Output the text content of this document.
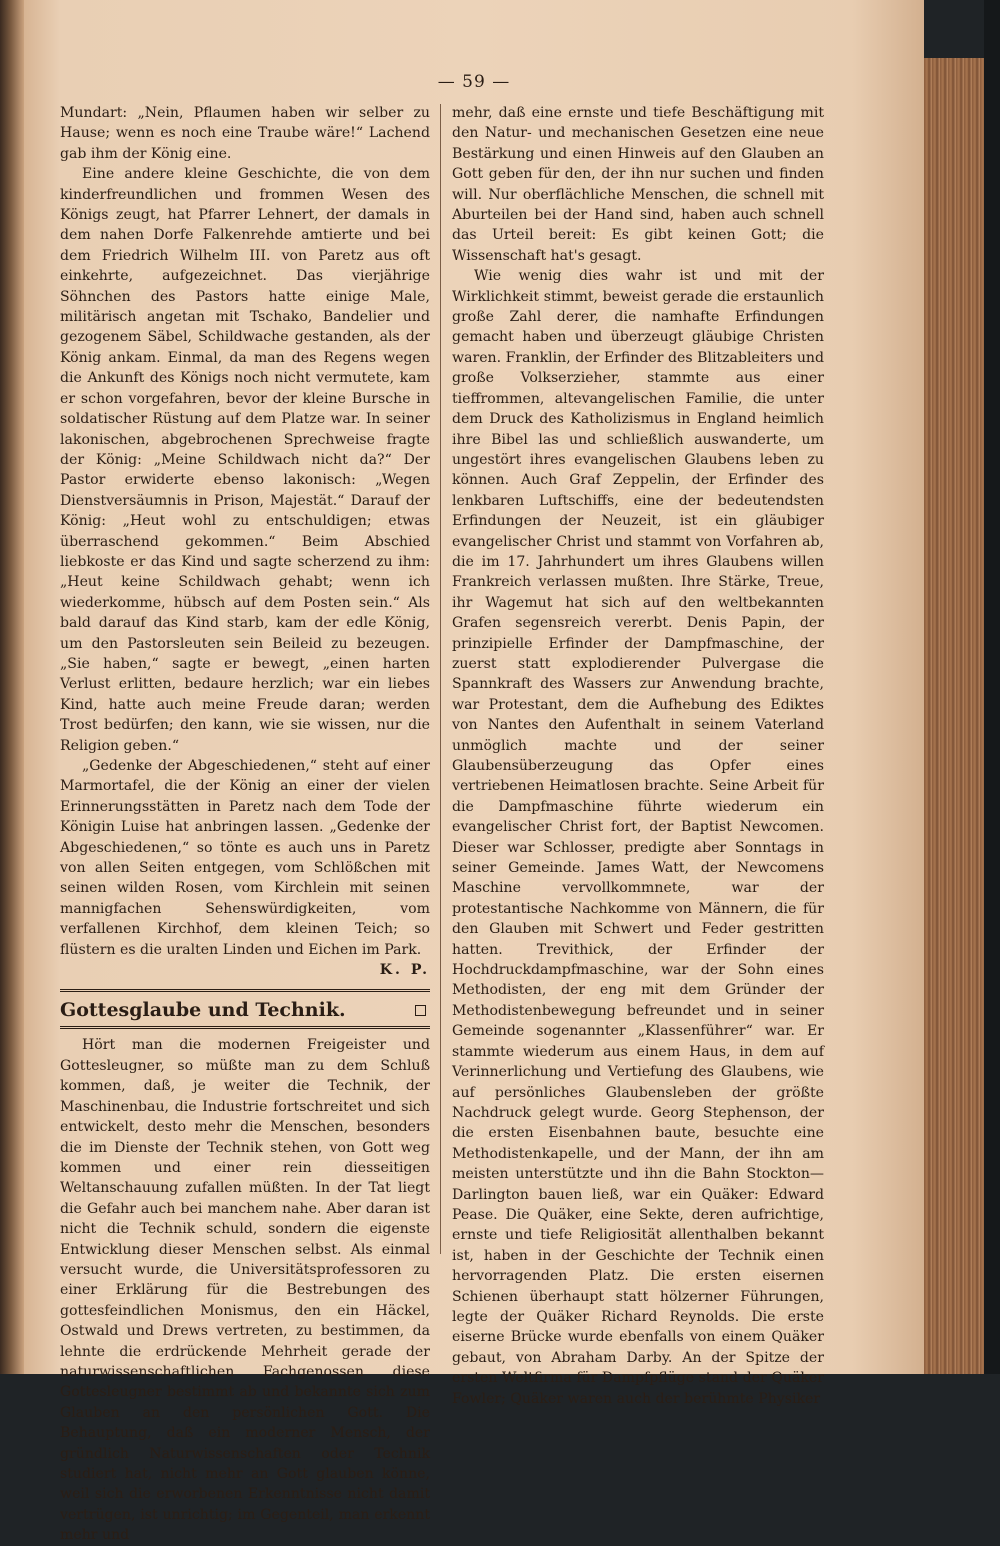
— 59 —

Mundart: „Nein, Pflaumen haben wir selber zu Hause; wenn es noch eine Traube wäre!“ Lachend gab ihm der König eine.

Eine andere kleine Geschichte, die von dem kinderfreundlichen und frommen Wesen des Königs zeugt, hat Pfarrer Lehnert, der damals in dem nahen Dorfe Falkenrehde amtierte und bei dem Friedrich Wilhelm III. von Paretz aus oft einkehrte, aufgezeichnet. Das vierjährige Söhnchen des Pastors hatte einige Male, militärisch angetan mit Tschako, Bandelier und gezogenem Säbel, Schildwache gestanden, als der König ankam. Einmal, da man des Regens wegen die Ankunft des Königs noch nicht vermutete, kam er schon vorgefahren, bevor der kleine Bursche in soldatischer Rüstung auf dem Platze war. In seiner lakonischen, abgebrochenen Sprechweise fragte der König: „Meine Schildwach nicht da?“ Der Pastor erwiderte ebenso lakonisch: „Wegen Dienstversäumnis in Prison, Majestät.“ Darauf der König: „Heut wohl zu entschuldigen; etwas überraschend gekommen.“ Beim Abschied liebkoste er das Kind und sagte scherzend zu ihm: „Heut keine Schildwach gehabt; wenn ich wiederkomme, hübsch auf dem Posten sein.“ Als bald darauf das Kind starb, kam der edle König, um den Pastorsleuten sein Beileid zu bezeugen. „Sie haben,“ sagte er bewegt, „einen harten Verlust erlitten, bedaure herzlich; war ein liebes Kind, hatte auch meine Freude daran; werden Trost bedürfen; den kann, wie sie wissen, nur die Religion geben.“

„Gedenke der Abgeschiedenen,“ steht auf einer Marmortafel, die der König an einer der vielen Erinnerungsstätten in Paretz nach dem Tode der Königin Luise hat anbringen lassen. „Gedenke der Abgeschiedenen,“ so tönte es auch uns in Paretz von allen Seiten entgegen, vom Schlößchen mit seinen wilden Rosen, vom Kirchlein mit seinen mannigfachen Sehenswürdigkeiten, vom verfallenen Kirchhof, dem kleinen Teich; so flüstern es die uralten Linden und Eichen im Park.

K. P.
Gottesglaube und Technik.

Hört man die modernen Freigeister und Gottesleugner, so müßte man zu dem Schluß kommen, daß, je weiter die Technik, der Maschinenbau, die Industrie fortschreitet und sich entwickelt, desto mehr die Menschen, besonders die im Dienste der Technik stehen, von Gott weg kommen und einer rein diesseitigen Weltanschauung zufallen müßten. In der Tat liegt die Gefahr auch bei manchem nahe. Aber daran ist nicht die Technik schuld, sondern die eigenste Entwicklung dieser Menschen selbst. Als einmal versucht wurde, die Universitätsprofessoren zu einer Erklärung für die Bestrebungen des gottesfeindlichen Monismus, den ein Häckel, Ostwald und Drews vertreten, zu bestimmen, da lehnte die erdrückende Mehrheit gerade der naturwissenschaftlichen Fachgenossen diese Gottesleugner bestimmt ab und bekannte sich zum Glauben an den persönlichen Gott. Die Behauptung, daß ein moderner Mensch, der gründlich Naturwissenschaften oder Technik studiert hat, nicht mehr an Gott glauben könne, weil sich die erworbenen Erkenntnisse nicht damit vertrügen, ist unrichtig; im Gegenteil, man erkennt mehr und

mehr, daß eine ernste und tiefe Beschäftigung mit den Natur- und mechanischen Gesetzen eine neue Bestärkung und einen Hinweis auf den Glauben an Gott geben für den, der ihn nur suchen und finden will. Nur oberflächliche Menschen, die schnell mit Aburteilen bei der Hand sind, haben auch schnell das Urteil bereit: Es gibt keinen Gott; die Wissenschaft hat's gesagt.

Wie wenig dies wahr ist und mit der Wirklichkeit stimmt, beweist gerade die erstaunlich große Zahl derer, die namhafte Erfindungen gemacht haben und überzeugt gläubige Christen waren. Franklin, der Erfinder des Blitzableiters und große Volkserzieher, stammte aus einer tieffrommen, altevangelischen Familie, die unter dem Druck des Katholizismus in England heimlich ihre Bibel las und schließlich auswanderte, um ungestört ihres evangelischen Glaubens leben zu können. Auch Graf Zeppelin, der Erfinder des lenkbaren Luftschiffs, eine der bedeutendsten Erfindungen der Neuzeit, ist ein gläubiger evangelischer Christ und stammt von Vorfahren ab, die im 17. Jahrhundert um ihres Glaubens willen Frankreich verlassen mußten. Ihre Stärke, Treue, ihr Wagemut hat sich auf den weltbekannten Grafen segensreich vererbt. Denis Papin, der prinzipielle Erfinder der Dampfmaschine, der zuerst statt explodierender Pulvergase die Spannkraft des Wassers zur Anwendung brachte, war Protestant, dem die Aufhebung des Ediktes von Nantes den Aufenthalt in seinem Vaterland unmöglich machte und der seiner Glaubensüberzeugung das Opfer eines vertriebenen Heimatlosen brachte. Seine Arbeit für die Dampfmaschine führte wiederum ein evangelischer Christ fort, der Baptist Newcomen. Dieser war Schlosser, predigte aber Sonntags in seiner Gemeinde. James Watt, der Newcomens Maschine vervollkommnete, war der protestantische Nachkomme von Männern, die für den Glauben mit Schwert und Feder gestritten hatten. Trevithick, der Erfinder der Hochdruckdampfmaschine, war der Sohn eines Methodisten, der eng mit dem Gründer der Methodistenbewegung befreundet und in seiner Gemeinde sogenannter „Klassenführer“ war. Er stammte wiederum aus einem Haus, in dem auf Verinnerlichung und Vertiefung des Glaubens, wie auf persönliches Glaubensleben der größte Nachdruck gelegt wurde. Georg Stephenson, der die ersten Eisenbahnen baute, besuchte eine Methodistenkapelle, und der Mann, der ihn am meisten unterstützte und ihn die Bahn Stockton—Darlington bauen ließ, war ein Quäker: Edward Pease. Die Quäker, eine Sekte, deren aufrichtige, ernste und tiefe Religiosität allenthalben bekannt ist, haben in der Geschichte der Technik einen hervorragenden Platz. Die ersten eisernen Schienen überhaupt statt hölzerner Führungen, legte der Quäker Richard Reynolds. Die erste eiserne Brücke wurde ebenfalls von einem Quäker gebaut, von Abraham Darby. An der Spitze der ersten Weltfirma für Dampfpflüge stand der Quäker Fowler; Quäker waren auch der berühmte Physiker
